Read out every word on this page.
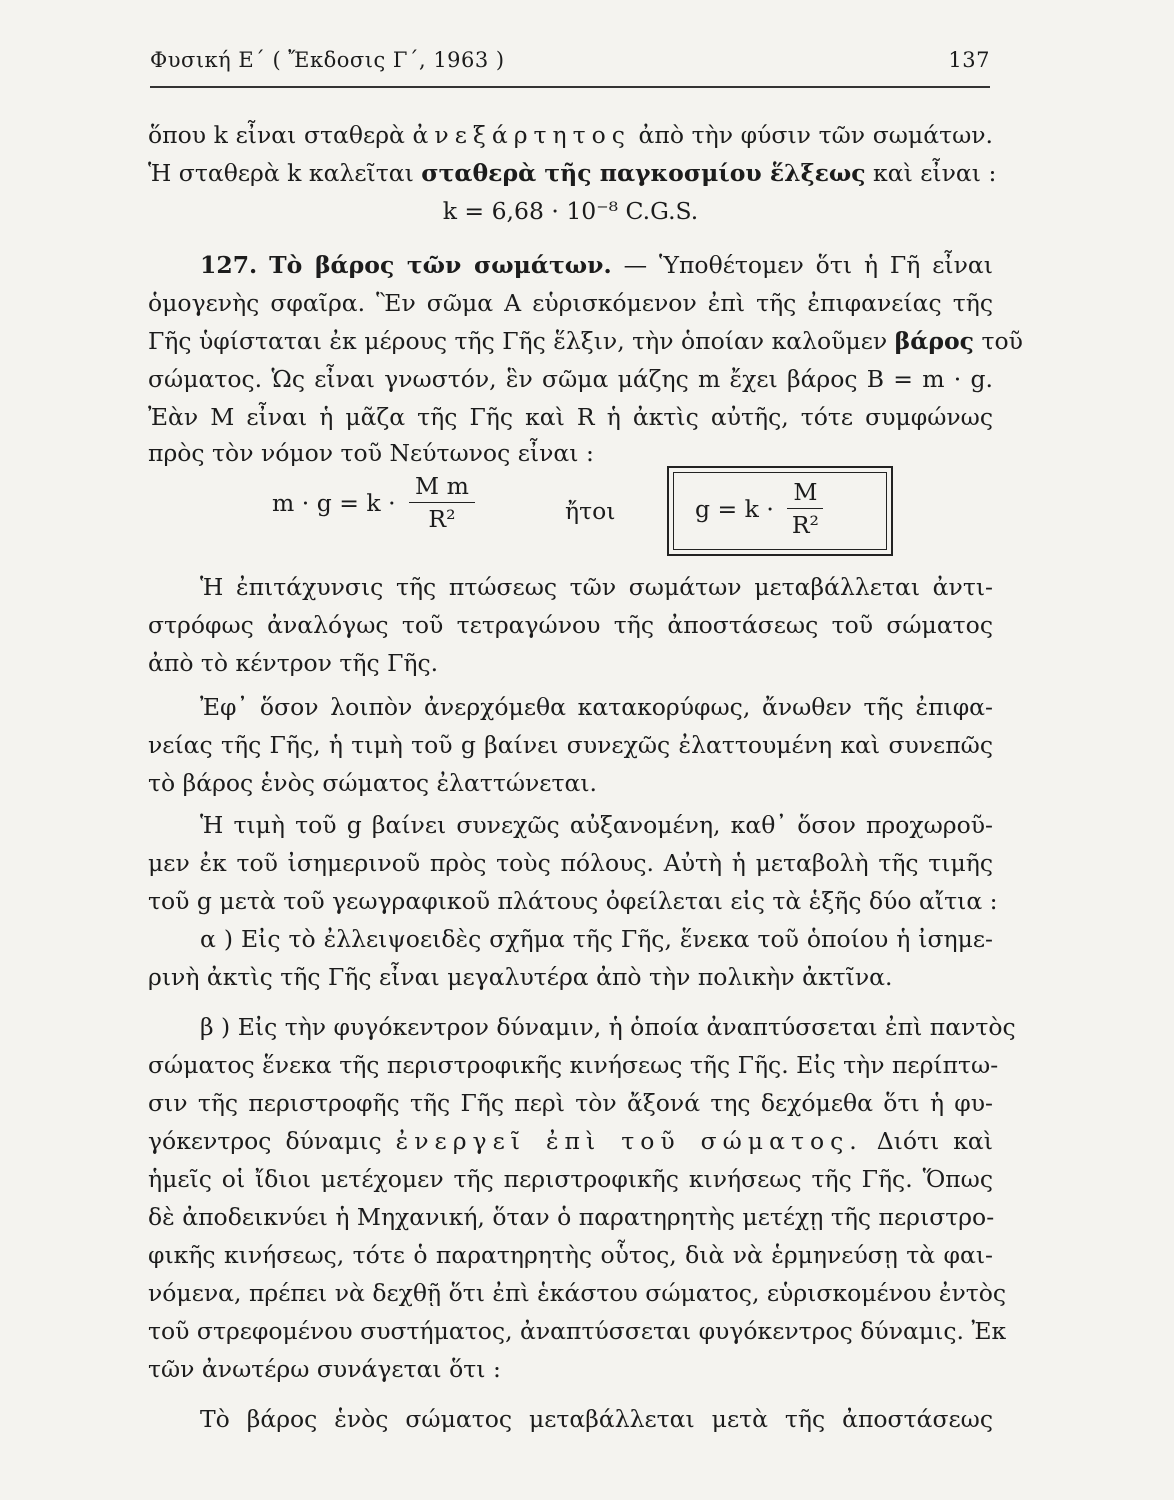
Φυσική Ε΄ ( Ἔκδοσις Γ΄, 1963 )	137
ὅπου k εἶναι σταθερὰ ἀνεξάρτητος ἀπὸ τὴν φύσιν τῶν σωμάτων.
Ἡ σταθερὰ k καλεῖται σταθερὰ τῆς παγκοσμίου ἕλξεως καὶ εἶναι :
k = 6,68 · 10⁻⁸ C.G.S.
127. Τὸ βάρος τῶν σωμάτων. — Ὑποθέτομεν ὅτι ἡ Γῆ εἶναι
ὁμογενὴς σφαῖρα. Ἓν σῶμα Α εὑρισκόμενον ἐπὶ τῆς ἐπιφανείας τῆς
Γῆς ὑφίσταται ἐκ μέρους τῆς Γῆς ἕλξιν, τὴν ὁποίαν καλοῦμεν βάρος τοῦ
σώματος. Ὡς εἶναι γνωστόν, ἓν σῶμα μάζης m ἔχει βάρος Β = m · g.
Ἐὰν Μ εἶναι ἡ μᾶζα τῆς Γῆς καὶ R ἡ ἀκτὶς αὐτῆς, τότε συμφώνως
πρὸς τὸν νόμον τοῦ Νεύτωνος εἶναι :
$m \cdot g = k \cdot \frac{\text{M m}}{\text{R²}}$	ἤτοι	$g = k \cdot \frac{M}{\text{R²}}$
Ἡ ἐπιτάχυνσις τῆς πτώσεως τῶν σωμάτων μεταβάλλεται ἀντι-
στρόφως ἀναλόγως τοῦ τετραγώνου τῆς ἀποστάσεως τοῦ σώματος
ἀπὸ τὸ κέντρον τῆς Γῆς.
Ἐφ᾽ ὅσον λοιπὸν ἀνερχόμεθα κατακορύφως, ἄνωθεν τῆς ἐπιφα-
νείας τῆς Γῆς, ἡ τιμὴ τοῦ g βαίνει συνεχῶς ἐλαττουμένη καὶ συνεπῶς
τὸ βάρος ἑνὸς σώματος ἐλαττώνεται.
Ἡ τιμὴ τοῦ g βαίνει συνεχῶς αὐξανομένη, καθ᾽ ὅσον προχωροῦ-
μεν ἐκ τοῦ ἰσημερινοῦ πρὸς τοὺς πόλους. Αὐτὴ ἡ μεταβολὴ τῆς τιμῆς
τοῦ g μετὰ τοῦ γεωγραφικοῦ πλάτους ὀφείλεται εἰς τὰ ἑξῆς δύο αἴτια :
α ) Εἰς τὸ ἐλλειψοειδὲς σχῆμα τῆς Γῆς, ἕνεκα τοῦ ὁποίου ἡ ἰσημε-
ρινὴ ἀκτὶς τῆς Γῆς εἶναι μεγαλυτέρα ἀπὸ τὴν πολικὴν ἀκτῖνα.
β ) Εἰς τὴν φυγόκεντρον δύναμιν, ἡ ὁποία ἀναπτύσσεται ἐπὶ παντὸς
σώματος ἕνεκα τῆς περιστροφικῆς κινήσεως τῆς Γῆς. Εἰς τὴν περίπτω-
σιν τῆς περιστροφῆς τῆς Γῆς περὶ τὸν ἄξονά της δεχόμεθα ὅτι ἡ φυ-
γόκεντρος δύναμις ἐνεργεῖ ἐπὶ τοῦ σώματος. Διότι καὶ
ἡμεῖς οἱ ἴδιοι μετέχομεν τῆς περιστροφικῆς κινήσεως τῆς Γῆς. Ὅπως
δὲ ἀποδεικνύει ἡ Μηχανική, ὅταν ὁ παρατηρητὴς μετέχῃ τῆς περιστρο-
φικῆς κινήσεως, τότε ὁ παρατηρητὴς οὗτος, διὰ νὰ ἑρμηνεύσῃ τὰ φαι-
νόμενα, πρέπει νὰ δεχθῇ ὅτι ἐπὶ ἑκάστου σώματος, εὑρισκομένου ἐντὸς
τοῦ στρεφομένου συστήματος, ἀναπτύσσεται φυγόκεντρος δύναμις. Ἐκ
τῶν ἀνωτέρω συνάγεται ὅτι :
Τὸ βάρος ἑνὸς σώματος μεταβάλλεται μετὰ τῆς ἀποστάσεως
